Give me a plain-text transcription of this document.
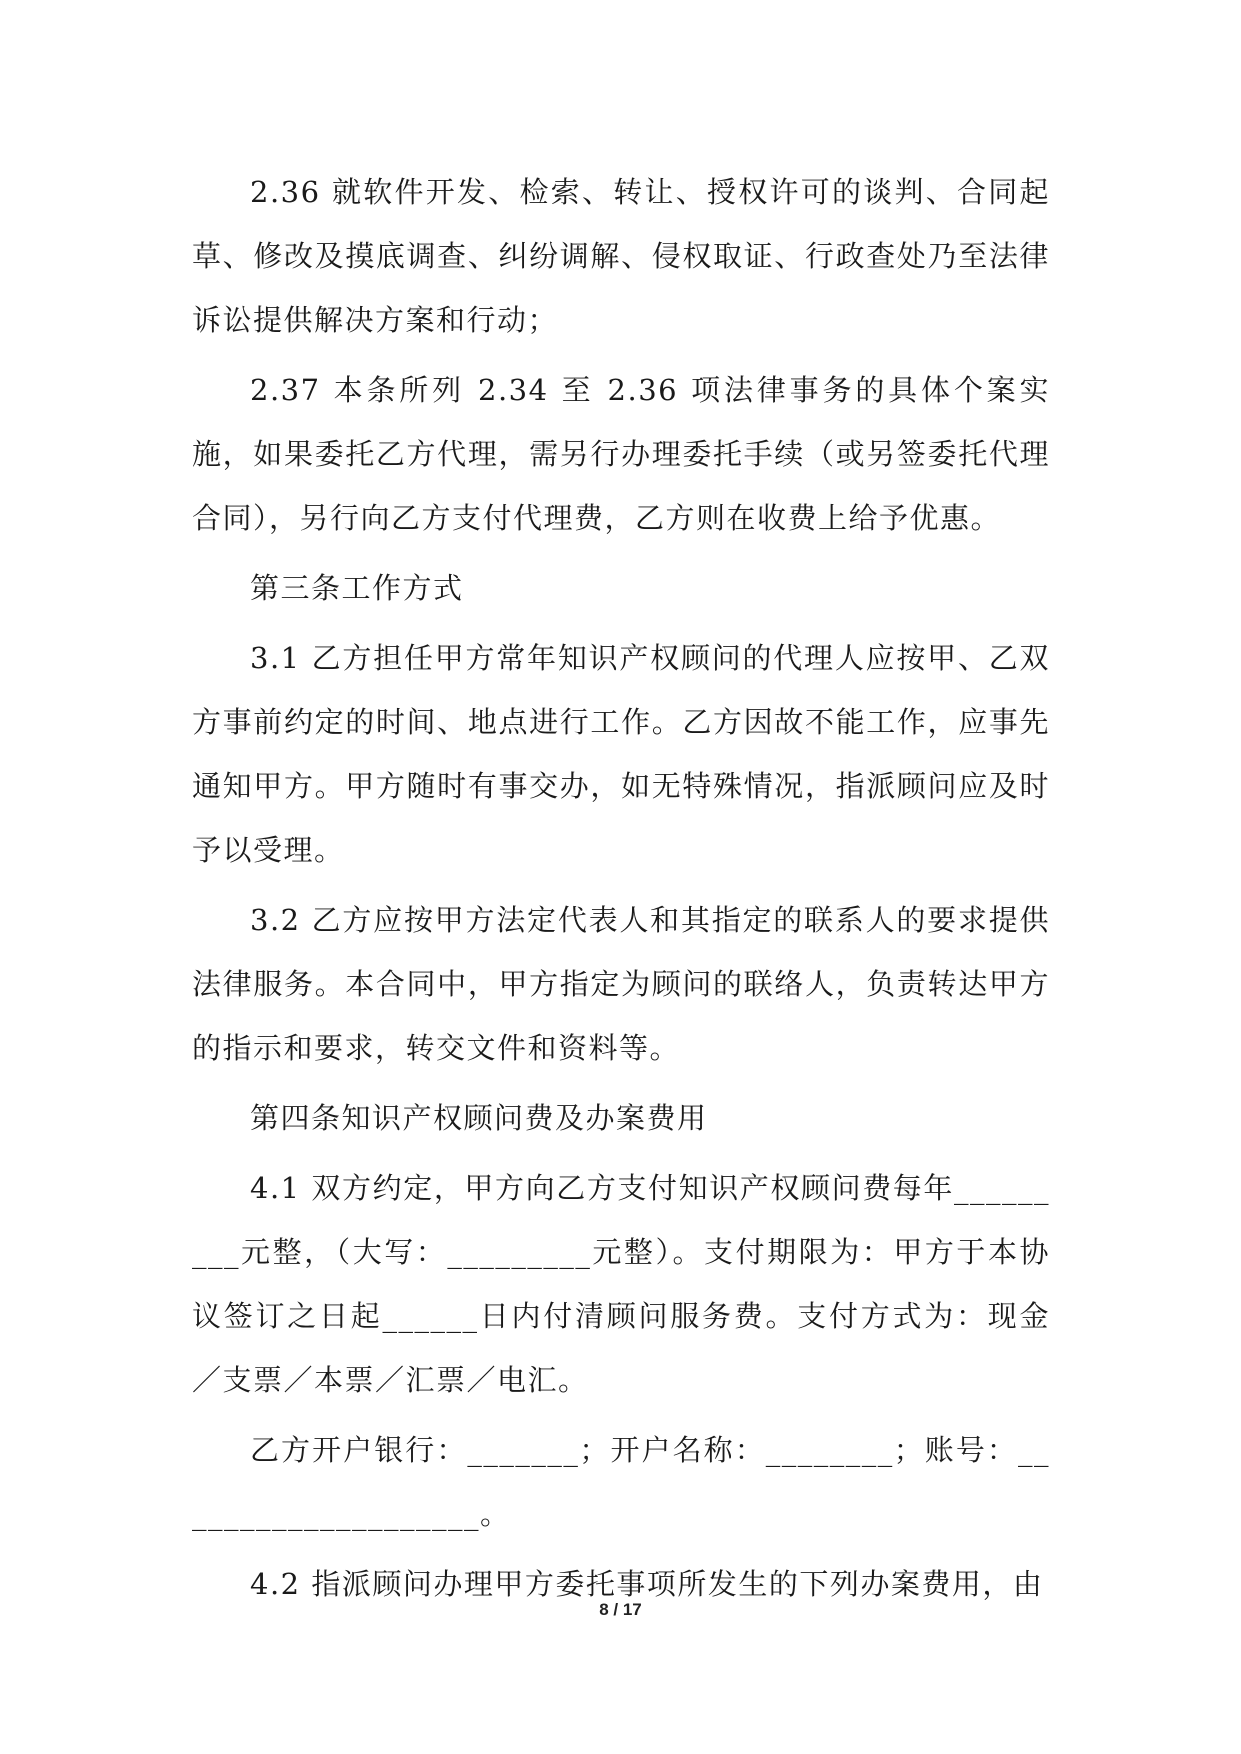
2.36 就软件开发、检索、转让、授权许可的谈判、合同起草、修改及摸底调查、纠纷调解、侵权取证、行政查处乃至法律诉讼提供解决方案和行动；

2.37 本条所列 2.34 至 2.36 项法律事务的具体个案实施，如果委托乙方代理，需另行办理委托手续（或另签委托代理合同），另行向乙方支付代理费，乙方则在收费上给予优惠。

第三条工作方式

3.1 乙方担任甲方常年知识产权顾问的代理人应按甲、乙双方事前约定的时间、地点进行工作。乙方因故不能工作，应事先通知甲方。甲方随时有事交办，如无特殊情况，指派顾问应及时予以受理。

3.2 乙方应按甲方法定代表人和其指定的联系人的要求提供法律服务。本合同中，甲方指定为顾问的联络人，负责转达甲方的指示和要求，转交文件和资料等。

第四条知识产权顾问费及办案费用

4.1 双方约定，甲方向乙方支付知识产权顾问费每年_________元整，（大写：_________元整）。支付期限为：甲方于本协议签订之日起______日内付清顾问服务费。支付方式为：现金／支票／本票／汇票／电汇。

乙方开户银行：_______；开户名称：________；账号：____________________。

4.2 指派顾问办理甲方委托事项所发生的下列办案费用，由

8 / 17
